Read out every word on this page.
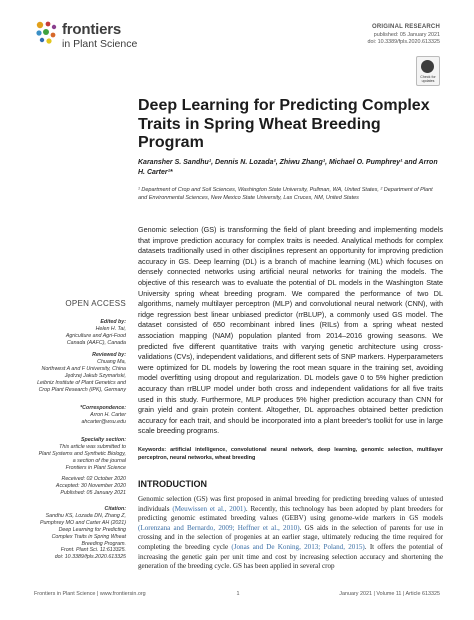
frontiers
in Plant Science
ORIGINAL RESEARCH
published: 05 January 2021
doi: 10.3389/fpls.2020.613325
Check for updates
Deep Learning for Predicting Complex Traits in Spring Wheat Breeding Program
Karansher S. Sandhu¹, Dennis N. Lozada², Zhiwu Zhang¹, Michael O. Pumphrey¹ and Arron H. Carter¹*
¹ Department of Crop and Soil Sciences, Washington State University, Pullman, WA, United States, ² Department of Plant and Environmental Sciences, New Mexico State University, Las Cruces, NM, United States

Genomic selection (GS) is transforming the field of plant breeding and implementing models that improve prediction accuracy for complex traits is needed. Analytical methods for complex datasets traditionally used in other disciplines represent an opportunity for improving prediction accuracy in GS. Deep learning (DL) is a branch of machine learning (ML) which focuses on densely connected networks using artificial neural networks for training the models. The objective of this research was to evaluate the potential of DL models in the Washington State University spring wheat breeding program. We compared the performance of two DL algorithms, namely multilayer perceptron (MLP) and convolutional neural network (CNN), with ridge regression best linear unbiased predictor (rrBLUP), a commonly used GS model. The dataset consisted of 650 recombinant inbred lines (RILs) from a spring wheat nested association mapping (NAM) population planted from 2014–2016 growing seasons. We predicted five different quantitative traits with varying genetic architecture using cross-validations (CVs), independent validations, and different sets of SNP markers. Hyperparameters were optimized for DL models by lowering the root mean square in the training set, avoiding model overfitting using dropout and regularization. DL models gave 0 to 5% higher prediction accuracy than rrBLUP model under both cross and independent validations for all five traits used in this study. Furthermore, MLP produces 5% higher prediction accuracy than CNN for grain yield and grain protein content. Altogether, DL approaches obtained better prediction accuracy for each trait, and should be incorporated into a plant breeder's toolkit for use in large scale breeding programs.

Keywords: artificial intelligence, convolutional neural network, deep learning, genomic selection, multilayer perceptron, neural networks, wheat breeding
OPEN ACCESS
Edited by:
Helen H. Tai,
Agriculture and Agri-Food
Canada (AAFC), Canada
Reviewed by:
Chuang Ma,
Northwest A and F University, China
Jędrzej Jakub Szymański,
Leibniz Institute of Plant Genetics and
Crop Plant Research (IPK), Germany
*Correspondence:
Arron H. Carter
ahcarter@wsu.edu
Specialty section:
This article was submitted to
Plant Systems and Synthetic Biology,
a section of the journal
Frontiers in Plant Science
Received: 02 October 2020
Accepted: 30 November 2020
Published: 05 January 2021
Citation:
Sandhu KS, Lozada DN, Zhang Z,
Pumphrey MO and Carter AH (2021)
Deep Learning for Predicting
Complex Traits in Spring Wheat
Breeding Program.
Front. Plant Sci. 11:613325.
doi: 10.3389/fpls.2020.613325
INTRODUCTION

Genomic selection (GS) was first proposed in animal breeding for predicting breeding values of untested individuals (Meuwissen et al., 2001). Recently, this technology has been adopted by plant breeders for predicting genomic estimated breeding values (GEBV) using genome-wide markers in GS models (Lorenzana and Bernardo, 2009; Heffner et al., 2010). GS aids in the selection of parents for use in crossing and in the selection of progenies at an earlier stage, ultimately reducing the time required for completing the breeding cycle (Jonas and De Koning, 2013; Poland, 2015). It offers the potential of increasing the genetic gain per unit time and cost by increasing selection accuracy and shortening the generation of the breeding cycle. GS has been applied in several crop

Frontiers in Plant Science | www.frontiersin.org	1	January 2021 | Volume 11 | Article 613325
